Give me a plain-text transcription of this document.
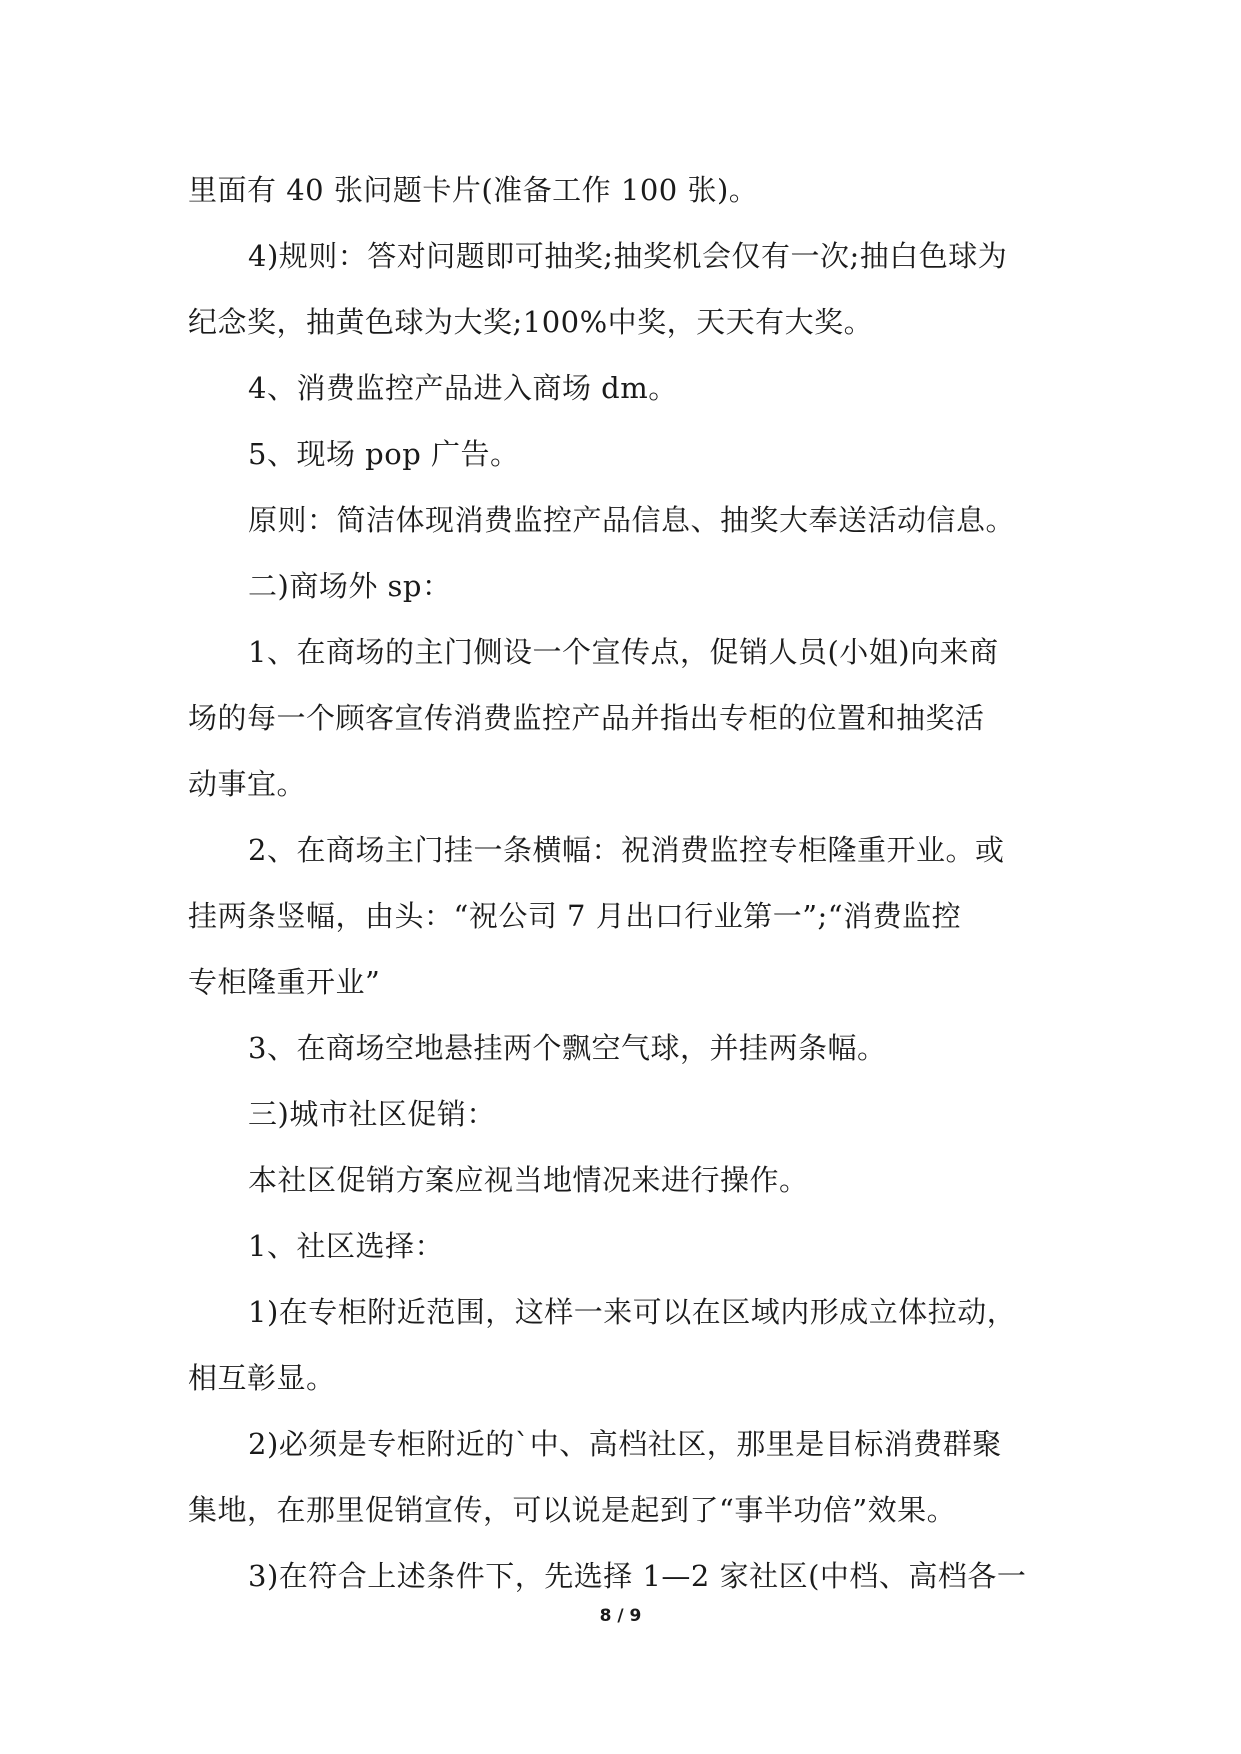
里面有 40 张问题卡片(准备工作 100 张)。
4)规则：答对问题即可抽奖;抽奖机会仅有一次;抽白色球为
纪念奖，抽黄色球为大奖;100%中奖，天天有大奖。
4、消费监控产品进入商场 dm。
5、现场 pop 广告。
原则：简洁体现消费监控产品信息、抽奖大奉送活动信息。
二)商场外 sp：
1、在商场的主门侧设一个宣传点，促销人员(小姐)向来商
场的每一个顾客宣传消费监控产品并指出专柜的位置和抽奖活
动事宜。
2、在商场主门挂一条横幅：祝消费监控专柜隆重开业。或
挂两条竖幅，由头：“祝公司 7 月出口行业第一”;“消费监控
专柜隆重开业”
3、在商场空地悬挂两个飘空气球，并挂两条幅。
三)城市社区促销：
本社区促销方案应视当地情况来进行操作。
1、社区选择：
1)在专柜附近范围，这样一来可以在区域内形成立体拉动，
相互彰显。
2)必须是专柜附近的`中、高档社区，那里是目标消费群聚
集地，在那里促销宣传，可以说是起到了“事半功倍”效果。
3)在符合上述条件下，先选择 1—2 家社区(中档、高档各一
8 / 9
